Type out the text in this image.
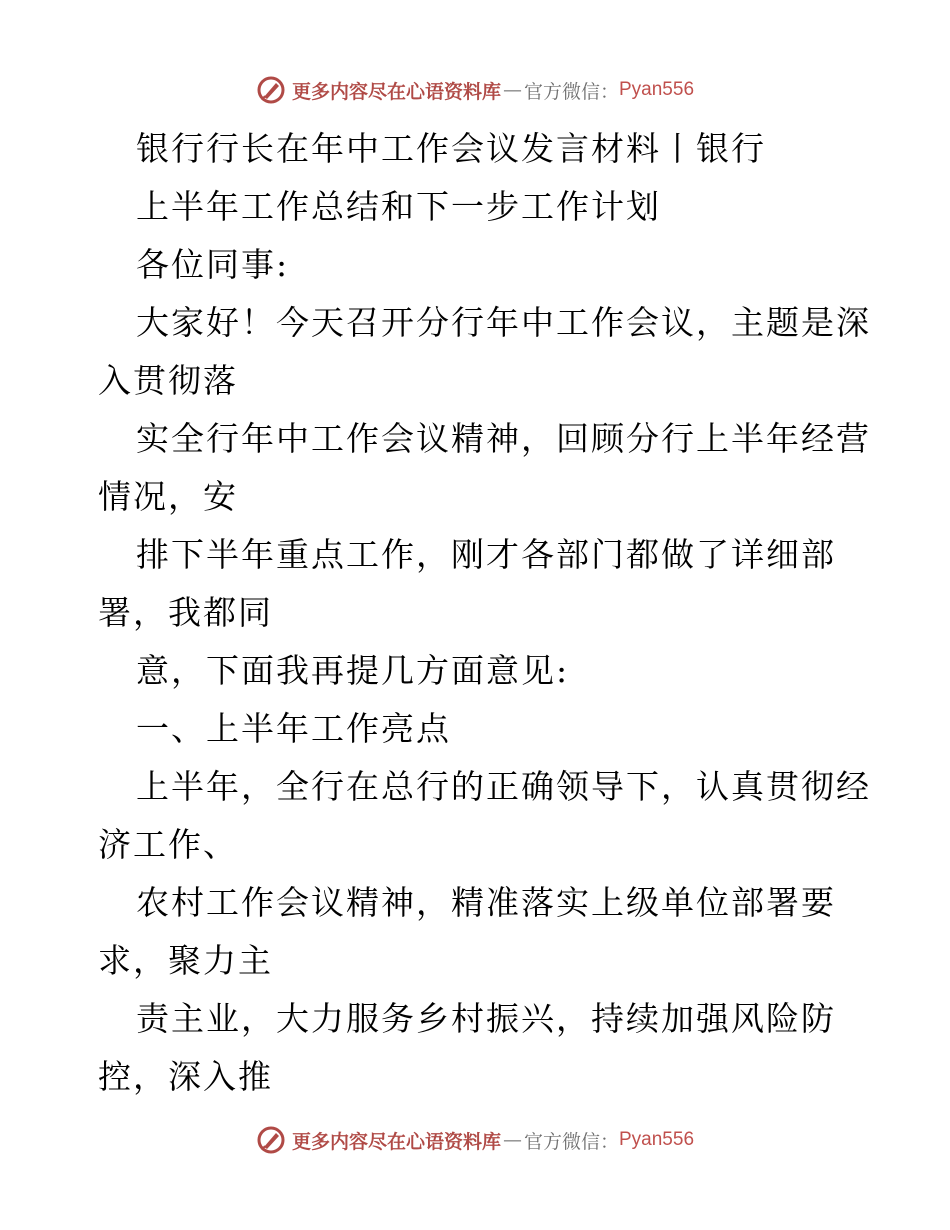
更多内容尽在心语资料库 — 官方微信： Pyan556
银行行长在年中工作会议发言材料丨银行
上半年工作总结和下一步工作计划
各位同事:
大家好！今天召开分行年中工作会议，主题是深
入贯彻落
实全行年中工作会议精神，回顾分行上半年经营
情况，安
排下半年重点工作，刚才各部门都做了详细部
署，我都同
意，下面我再提几方面意见:
一、上半年工作亮点
上半年，全行在总行的正确领导下，认真贯彻经
济工作、
农村工作会议精神，精准落实上级单位部署要
求，聚力主
责主业，大力服务乡村振兴，持续加强风险防
控，深入推
更多内容尽在心语资料库 — 官方微信： Pyan556
